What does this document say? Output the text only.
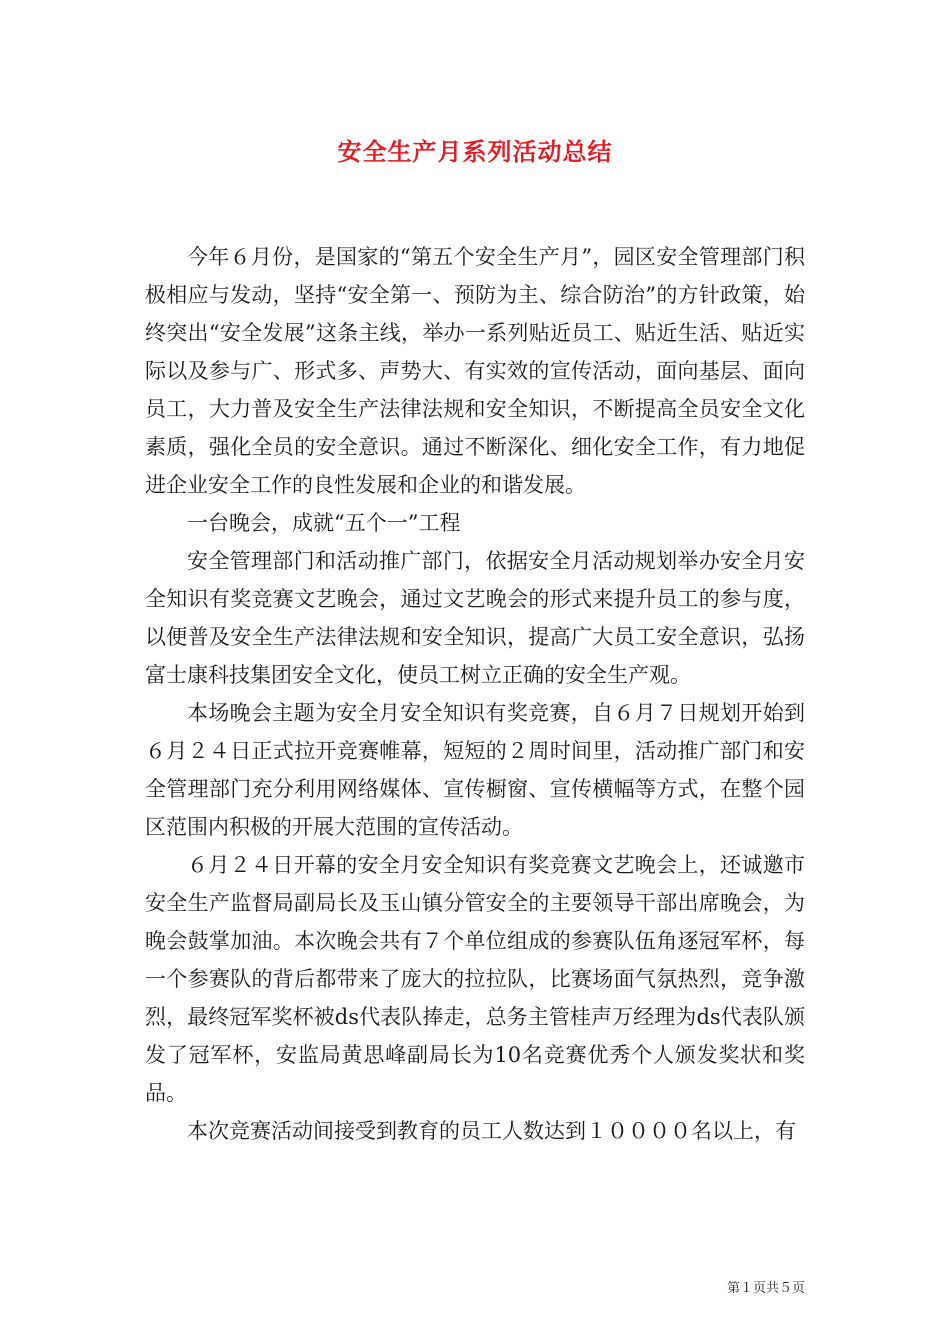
安全生产月系列活动总结

今年６月份，是国家的“第五个安全生产月”，园区安全管理部门积极相应与发动，坚持“安全第一、预防为主、综合防治”的方针政策，始终突出“安全发展”这条主线，举办一系列贴近员工、贴近生活、贴近实际以及参与广、形式多、声势大、有实效的宣传活动，面向基层、面向员工，大力普及安全生产法律法规和安全知识，不断提高全员安全文化素质，强化全员的安全意识。通过不断深化、细化安全工作，有力地促进企业安全工作的良性发展和企业的和谐发展。

一台晚会，成就“五个一”工程

安全管理部门和活动推广部门，依据安全月活动规划举办安全月安全知识有奖竞赛文艺晚会，通过文艺晚会的形式来提升员工的参与度，以便普及安全生产法律法规和安全知识，提高广大员工安全意识，弘扬富士康科技集团安全文化，使员工树立正确的安全生产观。

本场晚会主题为安全月安全知识有奖竞赛，自６月７日规划开始到６月２４日正式拉开竞赛帷幕，短短的２周时间里，活动推广部门和安全管理部门充分利用网络媒体、宣传橱窗、宣传横幅等方式，在整个园区范围内积极的开展大范围的宣传活动。

６月２４日开幕的安全月安全知识有奖竞赛文艺晚会上，还诚邀市安全生产监督局副局长及玉山镇分管安全的主要领导干部出席晚会，为晚会鼓掌加油。本次晚会共有７个单位组成的参赛队伍角逐冠军杯，每一个参赛队的背后都带来了庞大的拉拉队，比赛场面气氛热烈，竞争激烈，最终冠军奖杯被ds代表队捧走，总务主管桂声万经理为ds代表队颁发了冠军杯，安监局黄思峰副局长为10名竞赛优秀个人颁发奖状和奖品。

本次竞赛活动间接受到教育的员工人数达到１００００名以上，有

第１页共５页
